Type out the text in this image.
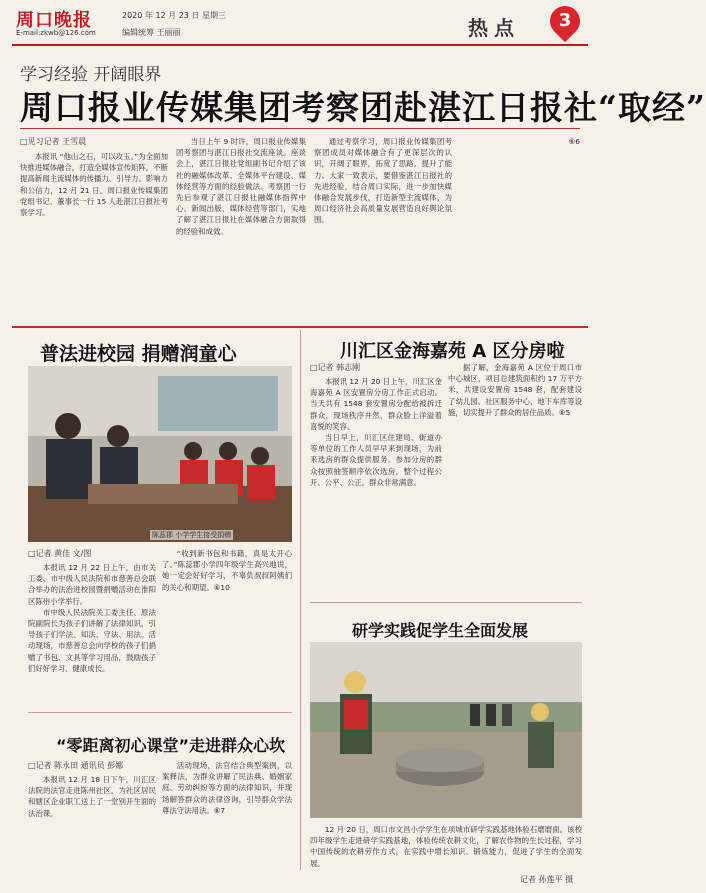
周口晚报
E-mail:zkwb@126.com
2020 年 12 月 23 日 星期三
编辑统筹 王丽丽	热点	3
学习经验 开阔眼界
周口报业传媒集团考察团赴湛江日报社“取经”
□见习记者 王雪晨

本报讯 “他山之石，可以攻玉。”为全面加快推进媒体融合，打造全媒体宣传矩阵，不断提高新闻主流媒体的传播力、引导力、影响力和公信力，12 月 21 日，周口报业传媒集团党组书记、董事长一行 15 人赴湛江日报社考察学习。

当日上午 9 时许，周口报业传媒集团考察团与湛江日报社交流座谈。座谈会上，湛江日报社党组副书记介绍了该社的融媒体改革、全媒体平台建设、媒体经营等方面的经验做法。考察团一行先后参观了湛江日报社融媒体指挥中心、新闻出版、媒体经营等部门，实地了解了湛江日报社在媒体融合方面取得的经验和成效。

通过考察学习，周口报业传媒集团考察团成员对媒体融合有了更深层次的认识，开阔了眼界，拓宽了思路，提升了能力。大家一致表示，要借鉴湛江日报社的先进经验，结合周口实际，进一步加快媒体融合发展步伐，打造新型主流媒体，为周口经济社会高质量发展营造良好舆论氛围。

⑥6

普法进校园 捐赠润童心
陈蕊郡 小学学生接受捐赠
□记者 黄佳 文/图

本报讯 12 月 22 日上午，由市关工委、市中级人民法院和市慈善总会联合举办的法治进校园暨捐赠活动在淮阳区陈州小学举行。

市中级人民法院关工委主任、原法院副院长为孩子们讲解了法律知识，引导孩子们学法、知法、守法、用法。活动现场，市慈善总会向学校的孩子们捐赠了书包、文具等学习用品，鼓励孩子们好好学习、健康成长。

“收到新书包和书籍，真是太开心了。”陈蕊郡小学四年级学生高兴地说，她一定会好好学习，不辜负叔叔阿姨们的关心和期望。⑥10

“零距离初心课堂”走进群众心坎
□记者 陈永田 通讯员 彭娜

本报讯 12 月 18 日下午，川汇区法院的法官走进陈州社区，为社区居民和辖区企业职工送上了一堂别开生面的法治课。

活动现场，法官结合典型案例，以案释法，为群众讲解了民法典、婚姻家庭、劳动纠纷等方面的法律知识，并现场解答群众的法律咨询，引导群众学法尊法守法用法。⑥7

川汇区金海嘉苑 A 区分房啦
□记者 韩志刚

本报讯 12 月 20 日上午，川汇区金海嘉苑 A 区安置房分房工作正式启动。当天共有 1548 套安置房分配给被拆迁群众，现场秩序井然，群众脸上洋溢着喜悦的笑容。

当日早上，川汇区住建局、街道办等单位的工作人员早早来到现场，为前来选房的群众提供服务。参加分房的群众按照抽签顺序依次选房，整个过程公开、公平、公正，群众非常满意。

据了解，金海嘉苑 A 区位于周口市中心城区，项目总建筑面积约 17 万平方米，共建设安置房 1548 套，配套建设了幼儿园、社区服务中心、地下车库等设施，切实提升了群众的居住品质。⑥5

研学实践促学生全面发展

12 月 20 日，周口市文昌小学学生在项城市研学实践基地体验石磨磨面。该校四年级学生走进研学实践基地，体验传统农耕文化，了解农作物的生长过程，学习中国传统的农耕劳作方式，在实践中增长知识、锻炼能力，促进了学生的全面发展。

记者 孙莲平 摄
